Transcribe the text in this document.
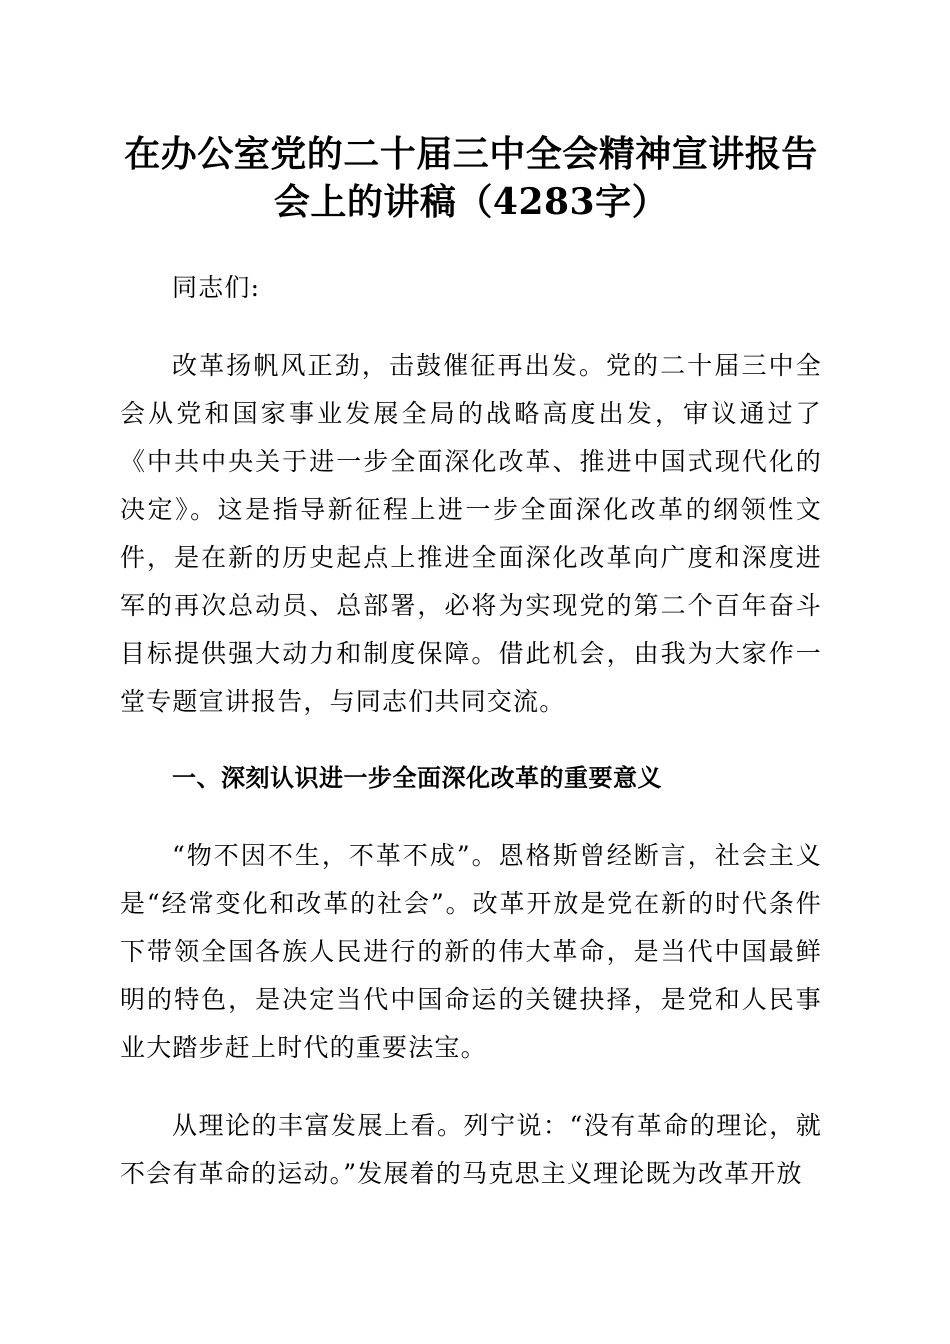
在办公室党的二十届三中全会精神宣讲报告会上的讲稿（4283字）

同志们:

改革扬帆风正劲，击鼓催征再出发。党的二十届三中全会从党和国家事业发展全局的战略高度出发，审议通过了《中共中央关于进一步全面深化改革、推进中国式现代化的决定》。这是指导新征程上进一步全面深化改革的纲领性文件，是在新的历史起点上推进全面深化改革向广度和深度进军的再次总动员、总部署，必将为实现党的第二个百年奋斗目标提供强大动力和制度保障。借此机会，由我为大家作一堂专题宣讲报告，与同志们共同交流。

一、深刻认识进一步全面深化改革的重要意义

“物不因不生，不革不成”。恩格斯曾经断言，社会主义是“经常变化和改革的社会”。改革开放是党在新的时代条件下带领全国各族人民进行的新的伟大革命，是当代中国最鲜明的特色，是决定当代中国命运的关键抉择，是党和人民事业大踏步赶上时代的重要法宝。

从理论的丰富发展上看。列宁说：“没有革命的理论，就不会有革命的运动。”发展着的马克思主义理论既为改革开放
